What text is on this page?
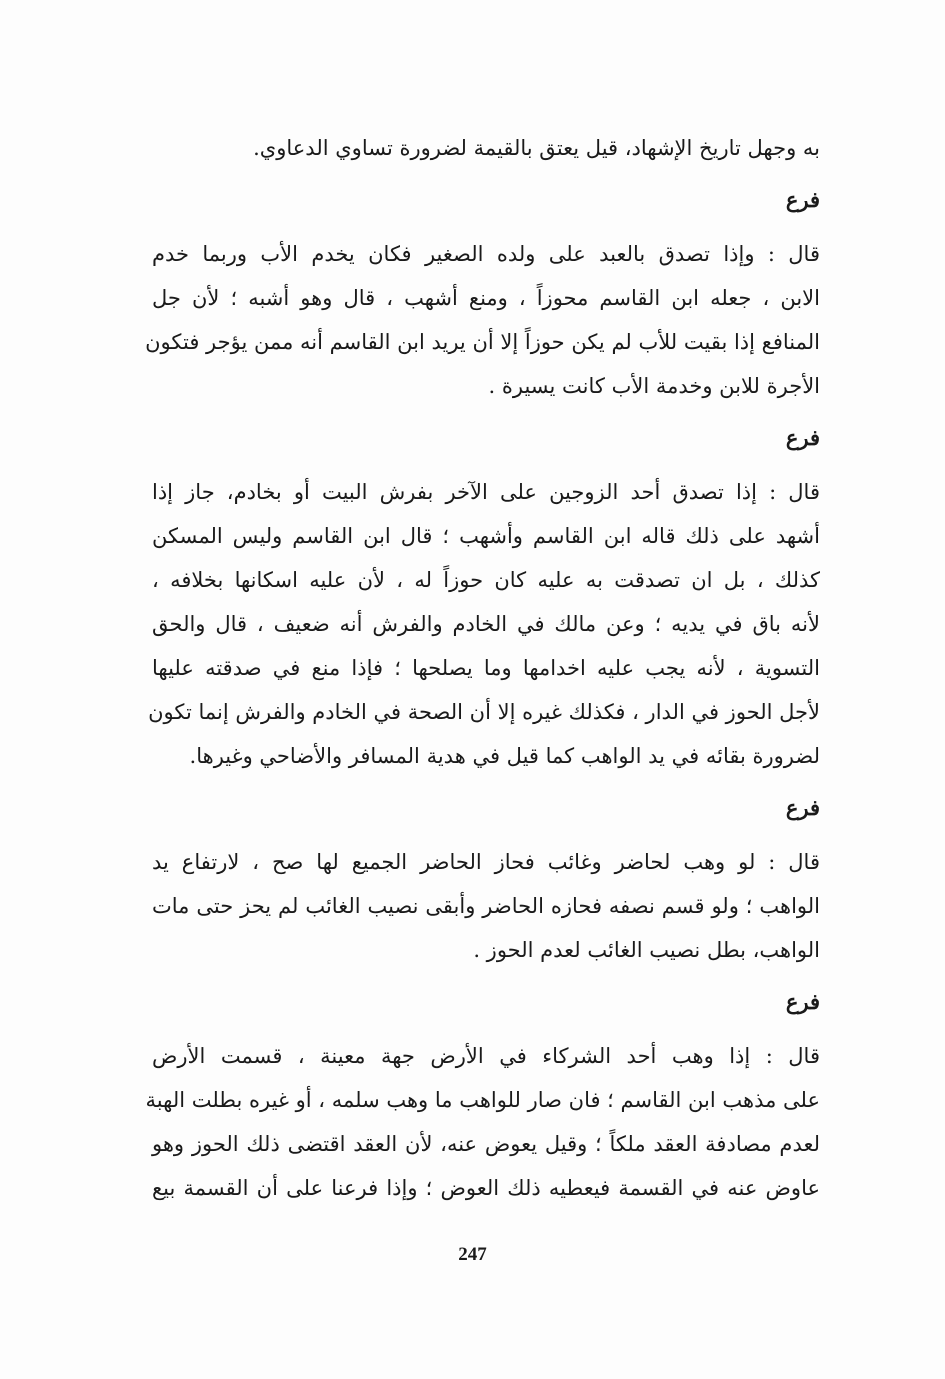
به وجهل تاريخ الإشهاد، قيل يعتق بالقيمة لضرورة تساوي الدعاوي.
فرع
قال : وإذا تصدق بالعبد على ولده الصغير فكان يخدم الأب وربما خدم
الابن ، جعله ابن القاسم محوزاً ، ومنع أشهب ، قال وهو أشبه ؛ لأن جل
المنافع إذا بقيت للأب لم يكن حوزاً إلا أن يريد ابن القاسم أنه ممن يؤجر فتكون
الأجرة للابن وخدمة الأب كانت يسيرة .
فرع
قال : إذا تصدق أحد الزوجين على الآخر بفرش البيت أو بخادم، جاز إذا
أشهد على ذلك قاله ابن القاسم وأشهب ؛ قال ابن القاسم وليس المسكن
كذلك ، بل ان تصدقت به عليه كان حوزاً له ، لأن عليه اسكانها بخلافه ،
لأنه باق في يديه ؛ وعن مالك في الخادم والفرش أنه ضعيف ، قال والحق
التسوية ، لأنه يجب عليه اخدامها وما يصلحها ؛ فإذا منع في صدقته عليها
لأجل الحوز في الدار ، فكذلك غيره إلا أن الصحة في الخادم والفرش إنما تكون
لضرورة بقائه في يد الواهب كما قيل في هدية المسافر والأضاحي وغيرها.
فرع
قال : لو وهب لحاضر وغائب فحاز الحاضر الجميع لها صح ، لارتفاع يد
الواهب ؛ ولو قسم نصفه فحازه الحاضر وأبقى نصيب الغائب لم يحز حتى مات
الواهب، بطل نصيب الغائب لعدم الحوز .
فرع
قال : إذا وهب أحد الشركاء في الأرض جهة معينة ، قسمت الأرض
على مذهب ابن القاسم ؛ فان صار للواهب ما وهب سلمه ، أو غيره بطلت الهبة
لعدم مصادفة العقد ملكاً ؛ وقيل يعوض عنه، لأن العقد اقتضى ذلك الحوز وهو
عاوض عنه في القسمة فيعطيه ذلك العوض ؛ وإذا فرعنا على أن القسمة بيع
247
